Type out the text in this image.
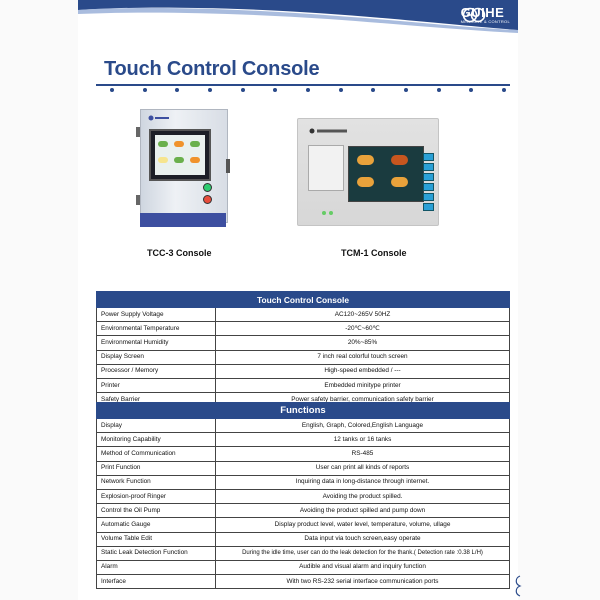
GUIHE
MEASURE & CONTROL
Touch Control Console
TCC-3 Console	TCM-1 Console
Touch Control Console	
Power Supply Voltage	AC120~265V 50HZ
Environmental Temperature	-20℃~60℃
Environmental Humidity	20%~85%
Display Screen	7 inch real colorful touch screen
Processor / Memory	High-speed embedded / ---
Printer	Embedded minitype printer
Safety Barrier	Power safety barrier, communication safety barrier
Functions	
Display	English, Graph, Colored,English Language
Monitoring Capability	12 tanks or 16 tanks
Method of Communication	RS-485
Print Function	User can print all kinds of reports
Network Function	Inquiring data in long-distance through internet.
Explosion-proof Ringer	Avoiding the product spilled.
Control the Oil Pump	Avoiding the product spilled and pump down
Automatic Gauge	Display product level, water level, temperature, volume, ullage
Volume Table Edit	Data input via touch screen,easy operate
Static Leak Detection Function	During the idle time, user can do the leak detection for the thank.( Detection rate :0.38 L/H)
Alarm	Audible and visual alarm and inquiry function
Interface	With two RS-232 serial interface communication ports
